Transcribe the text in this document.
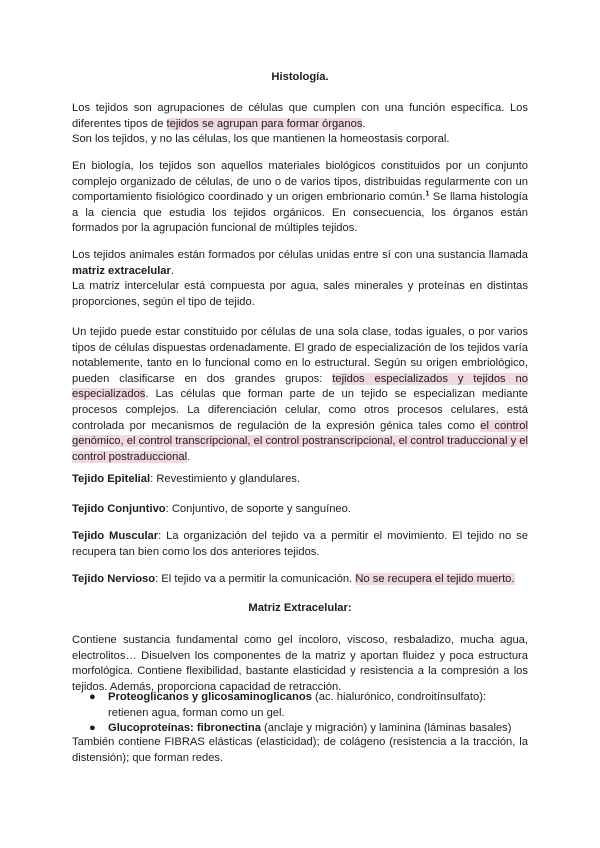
Histología.

Los tejidos son agrupaciones de células que cumplen con una función específica. Los diferentes tipos de tejidos se agrupan para formar órganos.
Son los tejidos, y no las células, los que mantienen la homeostasis corporal.

En biología, los tejidos son aquellos materiales biológicos constituidos por un conjunto complejo organizado de células, de uno o de varios tipos, distribuidas regularmente con un comportamiento fisiológico coordinado y un origen embrionario común.$^1$ Se llama histología a la ciencia que estudia los tejidos orgánicos. En consecuencia, los órganos están formados por la agrupación funcional de múltiples tejidos.

Los tejidos animales están formados por células unidas entre sí con una sustancia llamada matriz extracelular.
La matriz intercelular está compuesta por agua, sales minerales y proteínas en distintas proporciones, según el tipo de tejido.

Un tejido puede estar constituido por células de una sola clase, todas iguales, o por varios tipos de células dispuestas ordenadamente. El grado de especialización de los tejidos varía notablemente, tanto en lo funcional como en lo estructural. Según su origen embriológico, pueden clasificarse en dos grandes grupos: tejidos especializados y tejidos no especializados. Las células que forman parte de un tejido se especializan mediante procesos complejos. La diferenciación celular, como otros procesos celulares, está controlada por mecanismos de regulación de la expresión génica tales como el control genómico, el control transcripcional, el control postranscripcional, el control traduccional y el control postraduccional.

Tejido Epitelial: Revestimiento y glandulares.

Tejido Conjuntivo: Conjuntivo, de soporte y sanguíneo.

Tejido Muscular: La organización del tejido va a permitir el movimiento. El tejido no se recupera tan bien como los dos anteriores tejidos.

Tejido Nervioso: El tejido va a permitir la comunicación. No se recupera el tejido muerto.

Matriz Extracelular:

Contiene sustancia fundamental como gel incoloro, viscoso, resbaladizo, mucha agua, electrolitos… Disuelven los componentes de la matriz y aportan fluidez y poca estructura morfológica. Contiene flexibilidad, bastante elasticidad y resistencia a la compresión a los tejidos. Además, proporciona capacidad de retracción.

● Proteoglicanos y glicosaminoglicanos (ac. hialurónico, condroitínsulfato): retienen agua, forman como un gel.
● Glucoproteínas: fibronectina (anclaje y migración) y laminina (láminas basales)

También contiene FIBRAS elásticas (elasticidad); de colágeno (resistencia a la tracción, la distensión); que forman redes.
